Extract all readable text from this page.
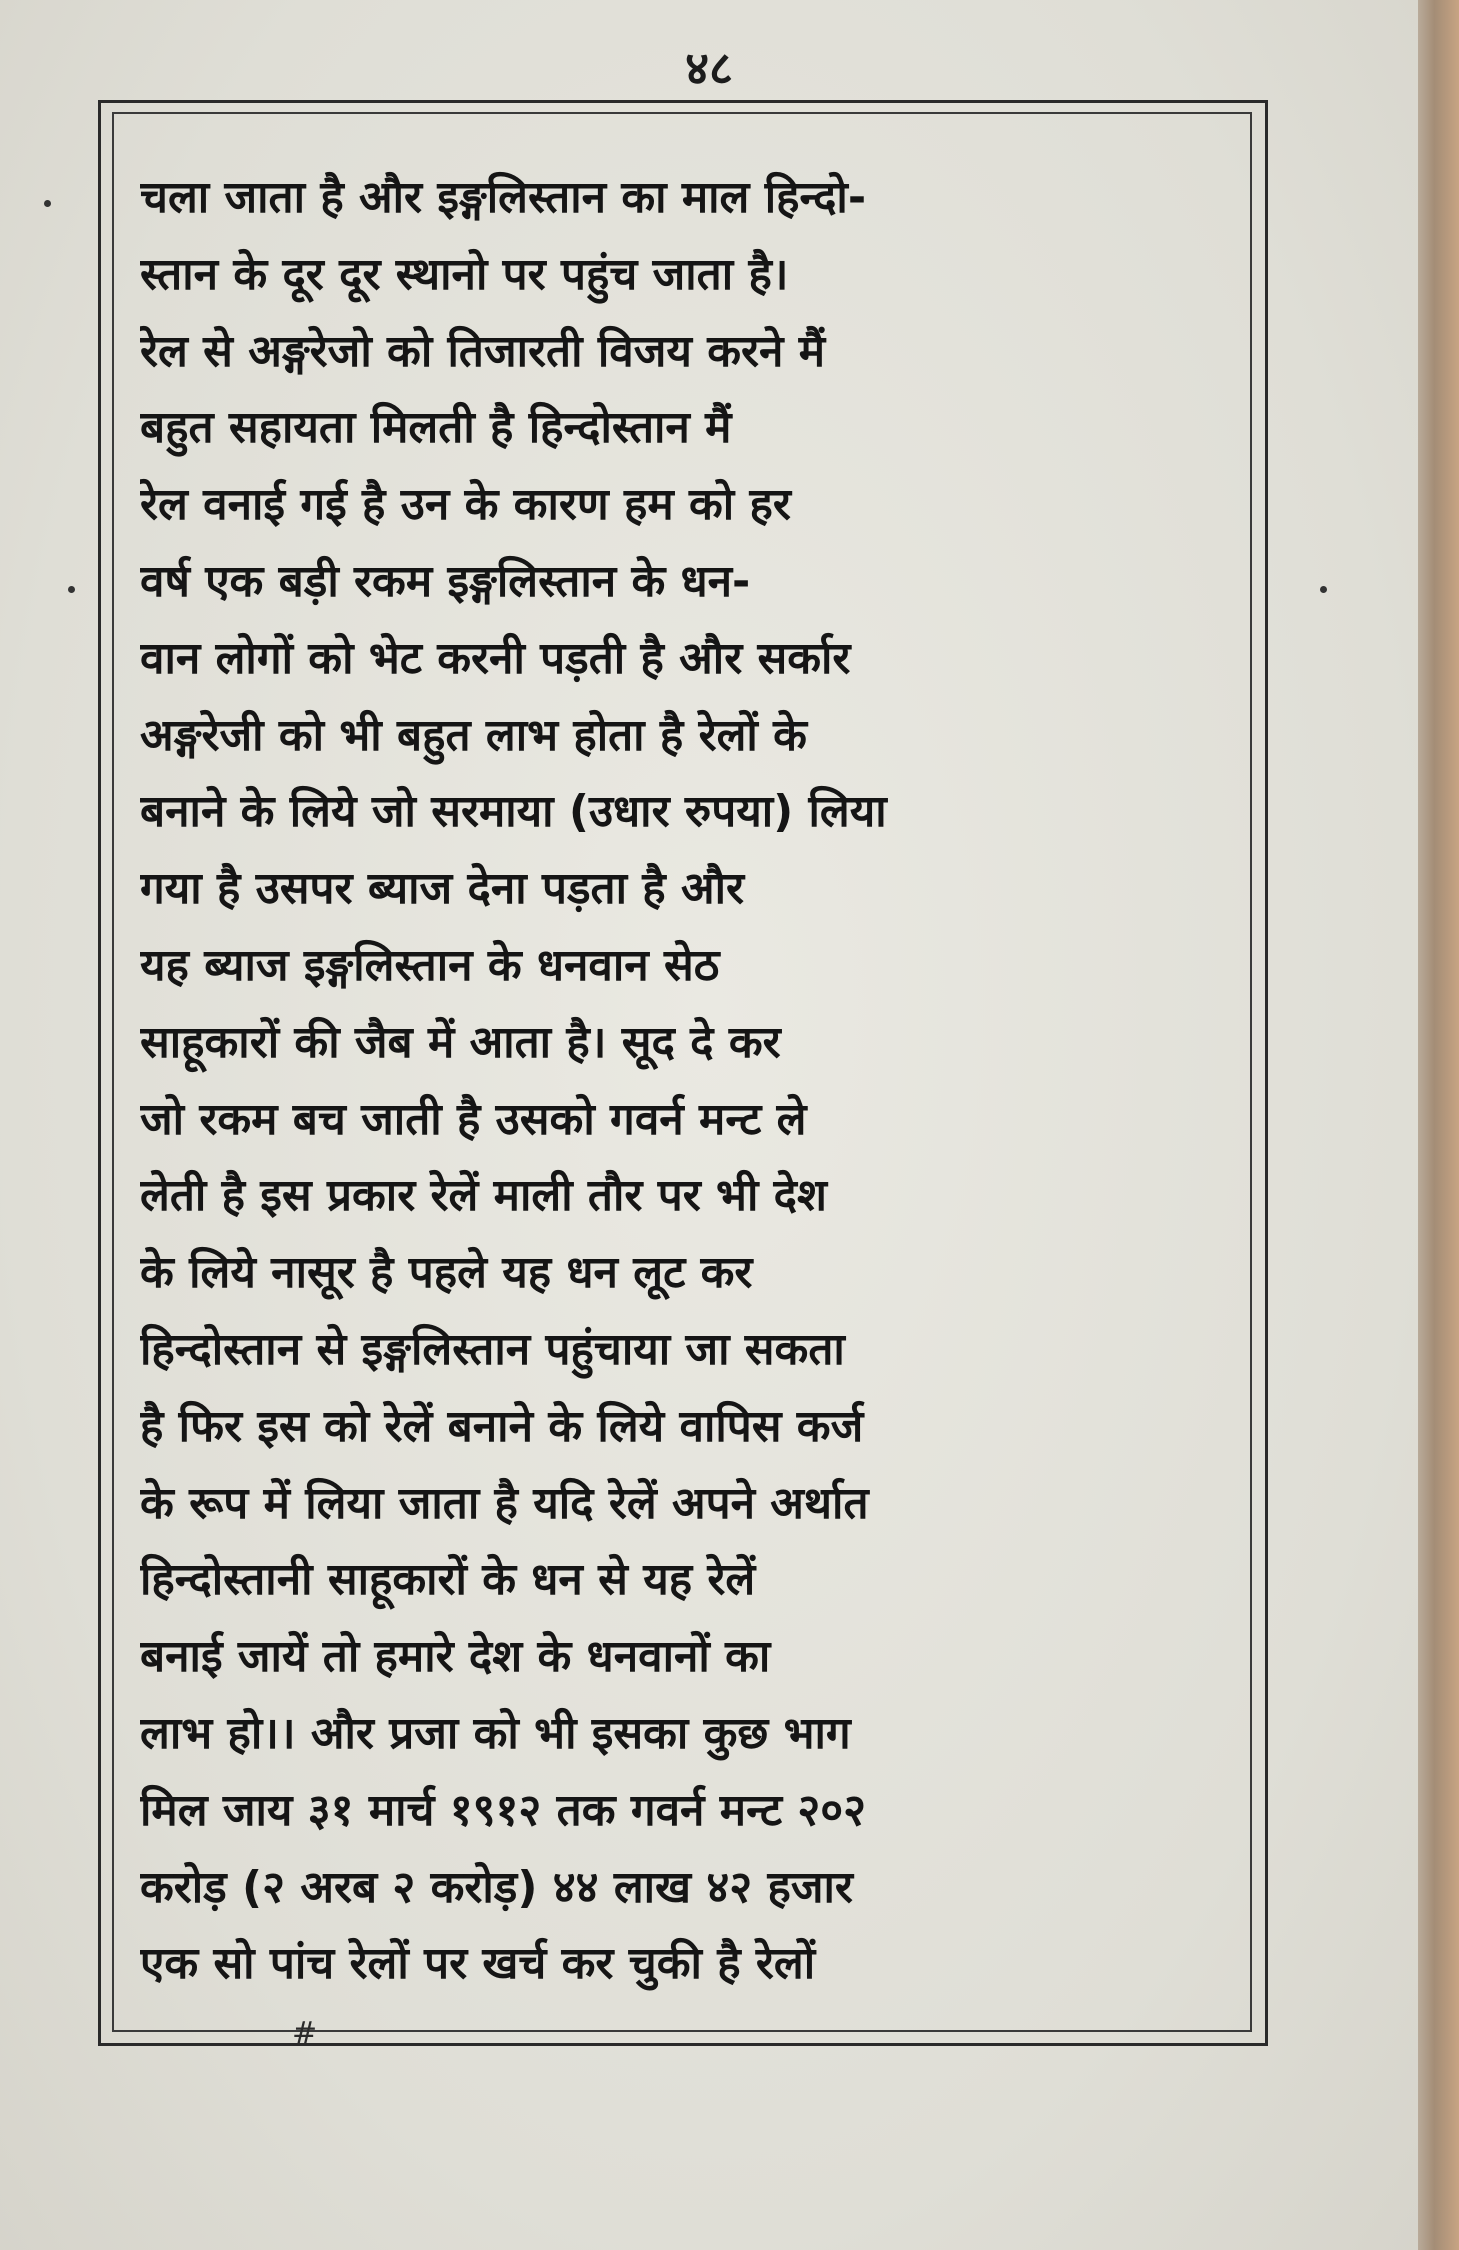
४८
चला जाता है और इङ्गलिस्तान का माल हिन्दो-
स्तान के दूर दूर स्थानो पर पहुंच जाता है।
रेल से अङ्गरेजो को तिजारती विजय करने मैं
बहुत सहायता मिलती है हिन्दोस्तान मैं
रेल वनाई गई है उन के कारण हम को हर
वर्ष एक बड़ी रकम इङ्गलिस्तान के धन-
वान लोगों को भेट करनी पड़ती है और सर्कार
अङ्गरेजी को भी बहुत लाभ होता है रेलों के
बनाने के लिये जो सरमाया (उधार रुपया) लिया
गया है उसपर ब्याज देना पड़ता है और
यह ब्याज इङ्गलिस्तान के धनवान सेठ
साहूकारों की जैब में आता है। सूद दे कर
जो रकम बच जाती है उसको गवर्न मन्ट ले
लेती है इस प्रकार रेलें माली तौर पर भी देश
के लिये नासूर है पहले यह धन लूट कर
हिन्दोस्तान से इङ्गलिस्तान पहुंचाया जा सकता
है फिर इस को रेलें बनाने के लिये वापिस कर्ज
के रूप में लिया जाता है यदि रेलें अपने अर्थात
हिन्दोस्तानी साहूकारों के धन से यह रेलें
बनाई जायें तो हमारे देश के धनवानों का
लाभ हो।। और प्रजा को भी इसका कुछ भाग
मिल जाय ३१ मार्च १९१२ तक गवर्न मन्ट २०२
करोड़ (२ अरब २ करोड़) ४४ लाख ४२ हजार
एक सो पांच रेलों पर खर्च कर चुकी है रेलों
#
